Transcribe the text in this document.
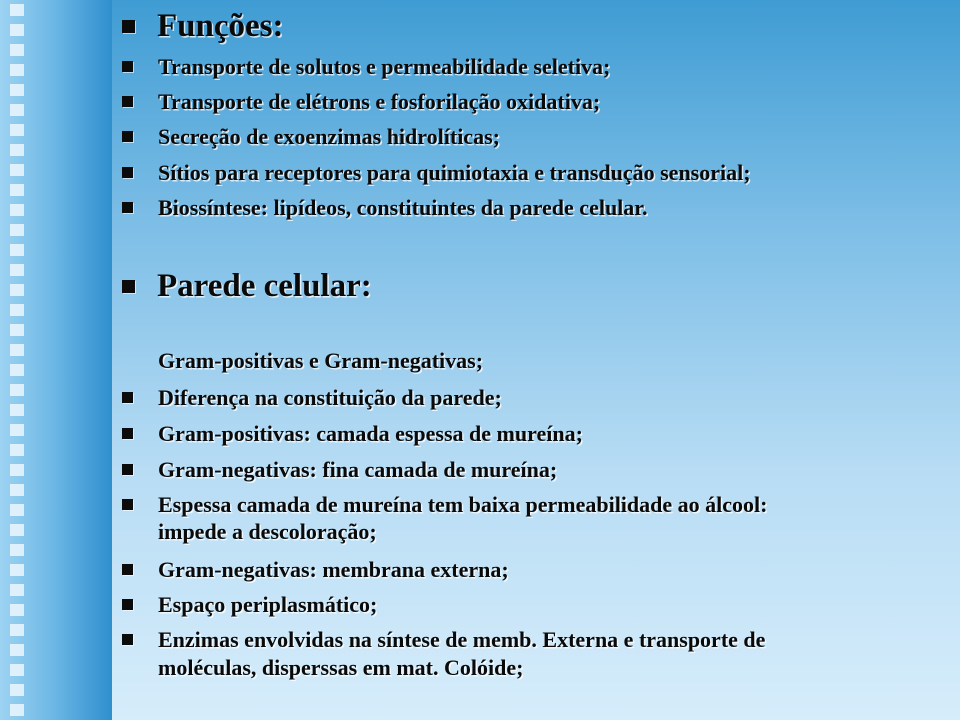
Funções:
Transporte de solutos e permeabilidade seletiva;
Transporte de elétrons e fosforilação oxidativa;
Secreção de exoenzimas hidrolíticas;
Sítios para receptores para quimiotaxia e transdução sensorial;
Biossíntese: lipídeos, constituintes da parede celular.
Parede celular:
Gram-positivas e Gram-negativas;
Diferença na constituição da parede;
Gram-positivas: camada espessa de mureína;
Gram-negativas: fina camada de mureína;
Espessa camada de mureína tem baixa permeabilidade ao álcool:
impede a descoloração;
Gram-negativas: membrana externa;
Espaço periplasmático;
Enzimas envolvidas na síntese de memb. Externa e transporte de
moléculas, disperssas em mat. Colóide;
